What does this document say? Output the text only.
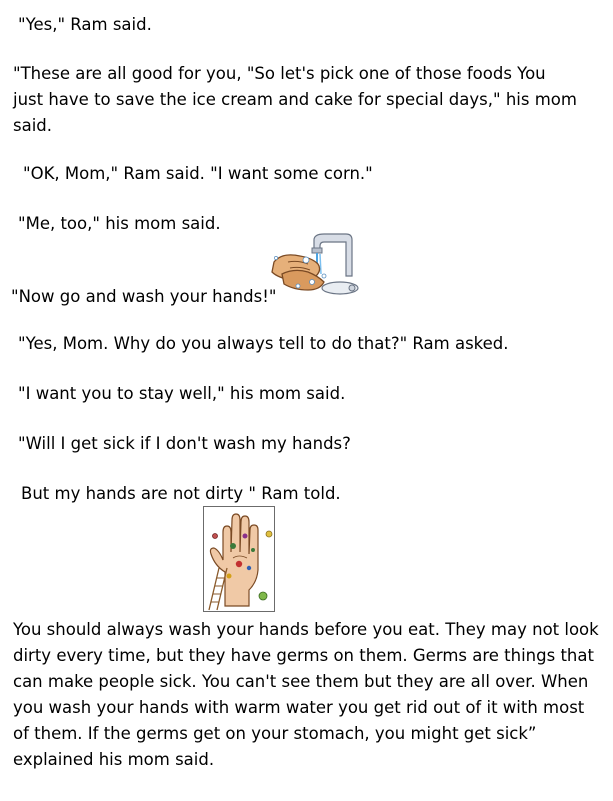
"Yes," Ram said.
"These are all good for you, "So let's pick one of those foods You
just have to save the ice cream and cake for special days," his mom
said.
"OK, Mom," Ram said. "I want some corn."
"Me, too," his mom said.
"Now go and wash your hands!"
"Yes, Mom. Why do you always tell to do that?" Ram asked.
"I want you to stay well," his mom said.
"Will I get sick if I don't wash my hands?
But my hands are not dirty " Ram told.
You should always wash your hands before you eat. They may not look
dirty every time, but they have germs on them. Germs are things that
can make people sick. You can't see them but they are all over. When
you wash your hands with warm water you get rid out of it with most
of them. If the germs get on your stomach, you might get sick”
explained his mom said.
